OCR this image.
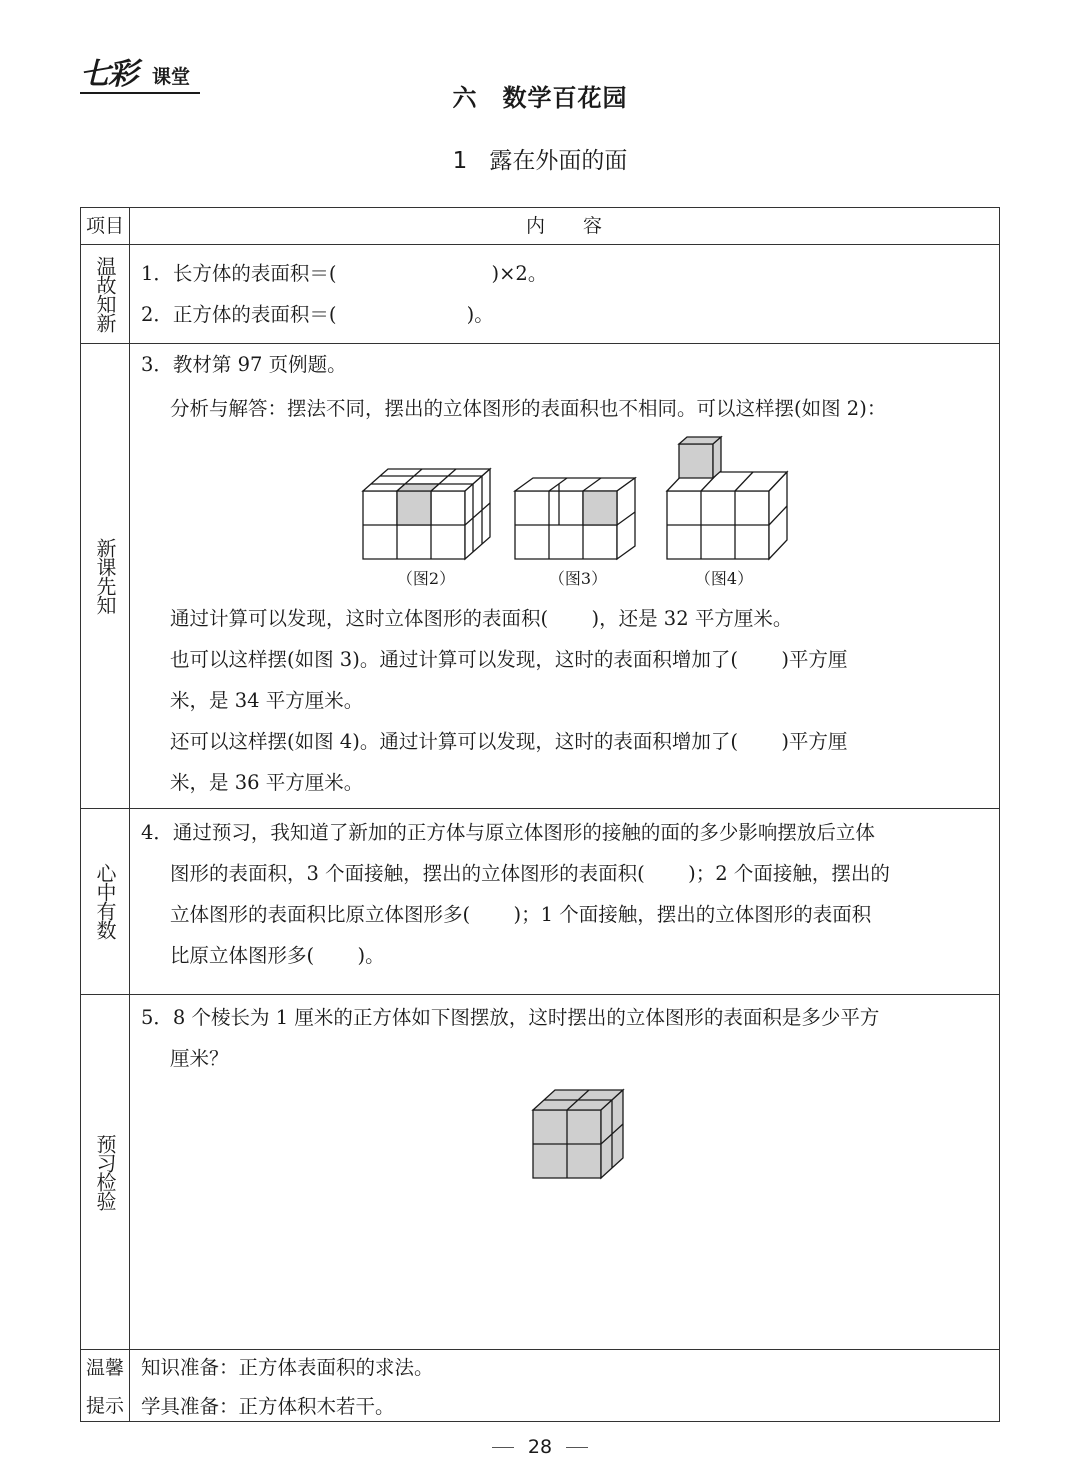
七彩 课堂
六　数学百花园
1 露在外面的面
项目	内　　容
温故知新 1．长方体的表面积＝(                         )×2。
2．正方体的表面积＝(                     )。
新课先知
3．教材第 97 页例题。
分析与解答：摆法不同，摆出的立体图形的表面积也不相同。可以这样摆(如图 2)：
（图2）	（图3）	（图4）
通过计算可以发现，这时立体图形的表面积(       )，还是 32 平方厘米。
也可以这样摆(如图 3)。通过计算可以发现，这时的表面积增加了(       )平方厘
米，是 34 平方厘米。
还可以这样摆(如图 4)。通过计算可以发现，这时的表面积增加了(       )平方厘
米，是 36 平方厘米。
心中有数
4．通过预习，我知道了新加的正方体与原立体图形的接触的面的多少影响摆放后立体
图形的表面积，3 个面接触，摆出的立体图形的表面积(       )；2 个面接触，摆出的
立体图形的表面积比原立体图形多(       )；1 个面接触，摆出的立体图形的表面积
比原立体图形多(       )。
预习检验
5．8 个棱长为 1 厘米的正方体如下图摆放，这时摆出的立体图形的表面积是多少平方
厘米？
温馨
提示
知识准备：正方体表面积的求法。
学具准备：正方体积木若干。
28
